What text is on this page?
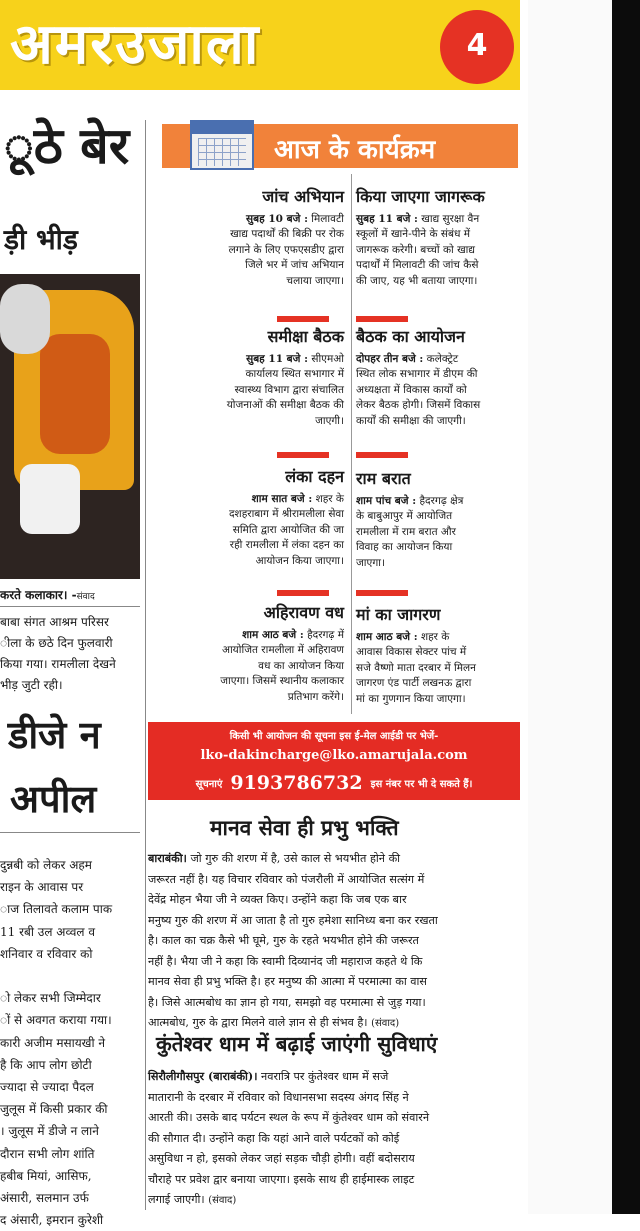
अमरउजाला	4
ूठे बेर
ड़ी भीड़
करते कलाकार। -संवाद
बाबा संगत आश्रम परिसर
ीला के छठे दिन फुलवारी
किया गया। रामलीला देखने
भीड़ जुटी रही।
डीजे न
अपील
दुन्नबी को लेकर अहम
राइन के आवास पर
ाज तिलावते कलाम पाक
11 रबी उल अव्वल व
शनिवार व रविवार को

ो लेकर सभी जिम्मेदार
ों से अवगत कराया गया।
कारी अजीम मसायखी ने
है कि आप लोग छोटी
ज्यादा से ज्यादा पैदल
जुलूस में किसी प्रकार की
। जुलूस में डीजे न लाने
दौरान सभी लोग शांति
हबीब मियां, आसिफ,
अंसारी, सलमान उर्फ
द अंसारी, इमरान कुरेशी
आज के कार्यक्रम
जांच अभियान
सुबह 10 बजे : मिलावटी
खाद्य पदार्थों की बिक्री पर रोक
लगाने के लिए एफएसडीए द्वारा
जिले भर में जांच अभियान
चलाया जाएगा।
समीक्षा बैठक
सुबह 11 बजे : सीएमओ
कार्यालय स्थित सभागार में
स्वास्थ्य विभाग द्वारा संचालित
योजनाओं की समीक्षा बैठक की
जाएगी।
लंका दहन
शाम सात बजे : शहर के
दशहराबाग में श्रीरामलीला सेवा
समिति द्वारा आयोजित की जा
रही रामलीला में लंका दहन का
आयोजन किया जाएगा।
अहिरावण वध
शाम आठ बजे : हैदरगढ़ में
आयोजित रामलीला में अहिरावण
वध का आयोजन किया
जाएगा। जिसमें स्थानीय कलाकार
प्रतिभाग करेंगे।
किया जाएगा जागरूक
सुबह 11 बजे : खाद्य सुरक्षा वैन
स्कूलों में खाने-पीने के संबंध में
जागरूक करेगी। बच्चों को खाद्य
पदार्थों में मिलावटी की जांच कैसे
की जाए, यह भी बताया जाएगा।
बैठक का आयोजन
दोपहर तीन बजे : कलेक्ट्रेट
स्थित लोक सभागार में डीएम की
अध्यक्षता में विकास कार्यों को
लेकर बैठक होगी। जिसमें विकास
कार्यों की समीक्षा की जाएगी।
राम बरात
शाम पांच बजे : हैदरगढ़ क्षेत्र
के बाबुआपुर में आयोजित
रामलीला में राम बरात और
विवाह का आयोजन किया
जाएगा।
मां का जागरण
शाम आठ बजे : शहर के
आवास विकास सेक्टर पांच में
सजे वैष्णो माता दरबार में मिलन
जागरण एंड पार्टी लखनऊ द्वारा
मां का गुणगान किया जाएगा।
किसी भी आयोजन की सूचना इस ई-मेल आईडी पर भेजें-
lko-dakincharge@lko.amarujala.com
सूचनाएं 9193786732 इस नंबर पर भी दे सकते हैं।
मानव सेवा ही प्रभु भक्ति
बाराबंकी। जो गुरु की शरण में है, उसे काल से भयभीत होने की
जरूरत नहीं है। यह विचार रविवार को पंजरौली में आयोजित सत्संग में
देवेंद्र मोहन भैया जी ने व्यक्त किए। उन्होंने कहा कि जब एक बार
मनुष्य गुरु की शरण में आ जाता है तो गुरु हमेशा सानिध्य बना कर रखता
है। काल का चक्र कैसे भी घूमे, गुरु के रहते भयभीत होने की जरूरत
नहीं है। भैया जी ने कहा कि स्वामी दिव्यानंद जी महाराज कहते थे कि
मानव सेवा ही प्रभु भक्ति है। हर मनुष्य की आत्मा में परमात्मा का वास
है। जिसे आत्मबोध का ज्ञान हो गया, समझो वह परमात्मा से जुड़ गया।
आत्मबोध, गुरु के द्वारा मिलने वाले ज्ञान से ही संभव है। (संवाद)
कुंतेश्वर धाम में बढ़ाई जाएंगी सुविधाएं
सिरौलीगौसपुर (बाराबंकी)। नवरात्रि पर कुंतेश्वर धाम में सजे
मातारानी के दरबार में रविवार को विधानसभा सदस्य अंगद सिंह ने
आरती की। उसके बाद पर्यटन स्थल के रूप में कुंतेश्वर धाम को संवारने
की सौगात दी। उन्होंने कहा कि यहां आने वाले पर्यटकों को कोई
असुविधा न हो, इसको लेकर जहां सड़क चौड़ी होगी। वहीं बदोसराय
चौराहे पर प्रवेश द्वार बनाया जाएगा। इसके साथ ही हाईमास्क लाइट
लगाई जाएगी। (संवाद)
